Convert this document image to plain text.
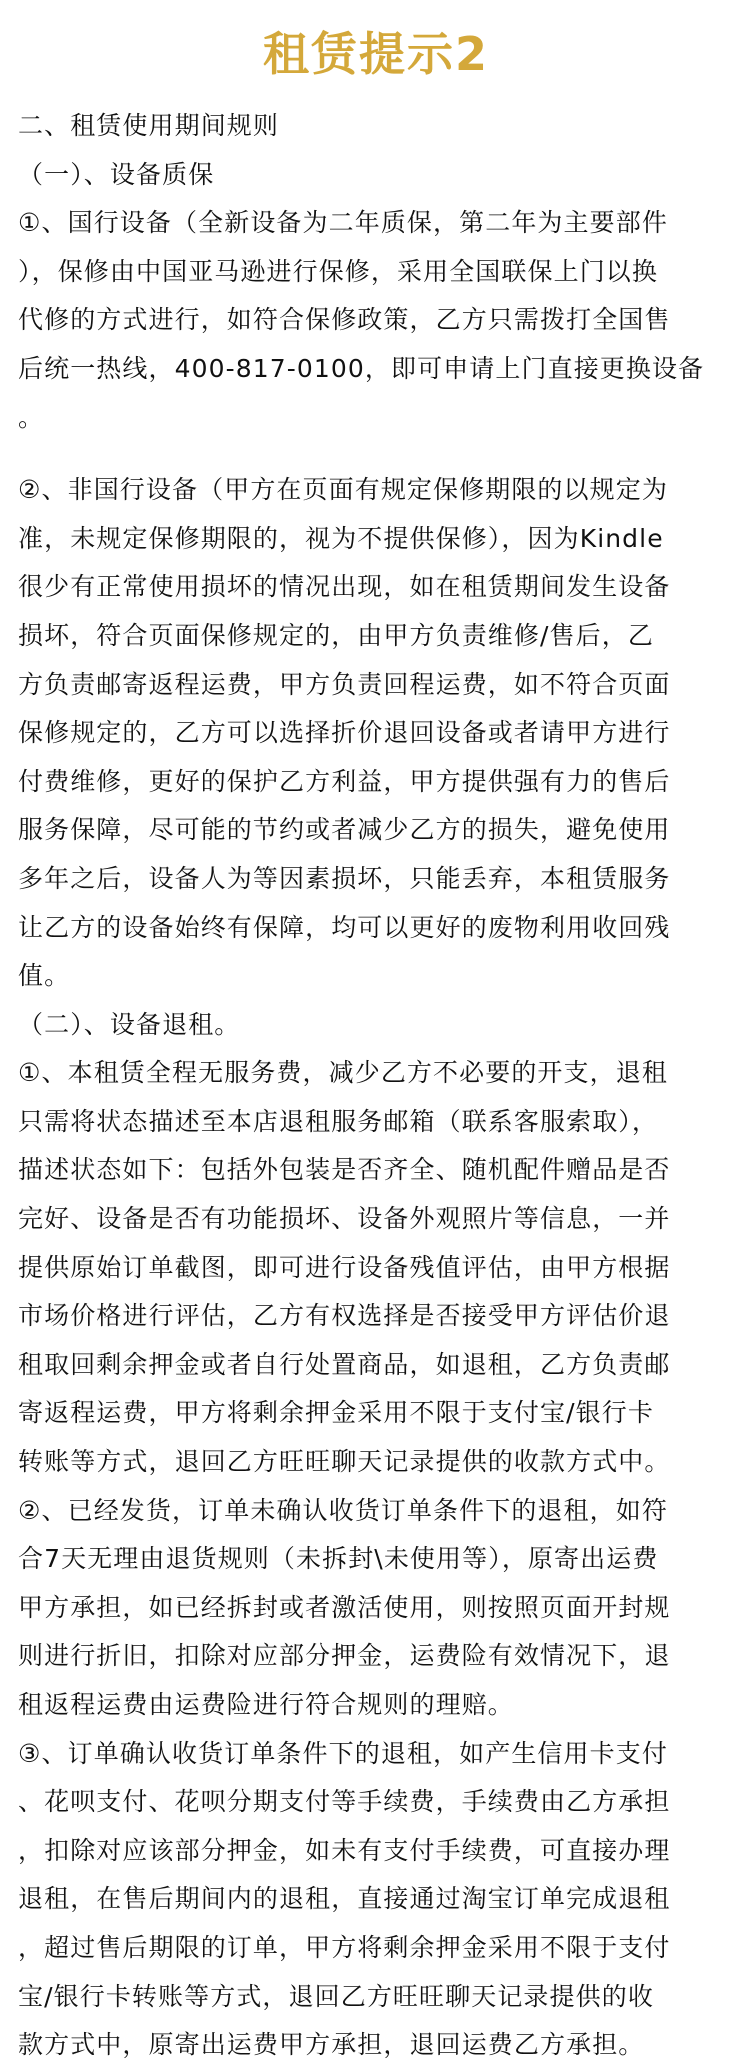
租赁提示2
二、租赁使用期间规则
（一）、设备质保
①、国行设备（全新设备为二年质保，第二年为主要部件
），保修由中国亚马逊进行保修，采用全国联保上门以换
代修的方式进行，如符合保修政策，乙方只需拨打全国售
后统一热线，400-817-0100，即可申请上门直接更换设备
。
②、非国行设备（甲方在页面有规定保修期限的以规定为
准，未规定保修期限的，视为不提供保修），因为Kindle
很少有正常使用损坏的情况出现，如在租赁期间发生设备
损坏，符合页面保修规定的，由甲方负责维修/售后，乙
方负责邮寄返程运费，甲方负责回程运费，如不符合页面
保修规定的，乙方可以选择折价退回设备或者请甲方进行
付费维修，更好的保护乙方利益，甲方提供强有力的售后
服务保障，尽可能的节约或者减少乙方的损失，避免使用
多年之后，设备人为等因素损坏，只能丢弃，本租赁服务
让乙方的设备始终有保障，均可以更好的废物利用收回残
值。
（二）、设备退租。
①、本租赁全程无服务费，减少乙方不必要的开支，退租
只需将状态描述至本店退租服务邮箱（联系客服索取），
描述状态如下：包括外包装是否齐全、随机配件赠品是否
完好、设备是否有功能损坏、设备外观照片等信息，一并
提供原始订单截图，即可进行设备残值评估，由甲方根据
市场价格进行评估，乙方有权选择是否接受甲方评估价退
租取回剩余押金或者自行处置商品，如退租，乙方负责邮
寄返程运费，甲方将剩余押金采用不限于支付宝/银行卡
转账等方式，退回乙方旺旺聊天记录提供的收款方式中。
②、已经发货，订单未确认收货订单条件下的退租，如符
合7天无理由退货规则（未拆封\未使用等），原寄出运费
甲方承担，如已经拆封或者激活使用，则按照页面开封规
则进行折旧，扣除对应部分押金，运费险有效情况下，退
租返程运费由运费险进行符合规则的理赔。
③、订单确认收货订单条件下的退租，如产生信用卡支付
、花呗支付、花呗分期支付等手续费，手续费由乙方承担
，扣除对应该部分押金，如未有支付手续费，可直接办理
退租，在售后期间内的退租，直接通过淘宝订单完成退租
，超过售后期限的订单，甲方将剩余押金采用不限于支付
宝/银行卡转账等方式，退回乙方旺旺聊天记录提供的收
款方式中，原寄出运费甲方承担，退回运费乙方承担。
